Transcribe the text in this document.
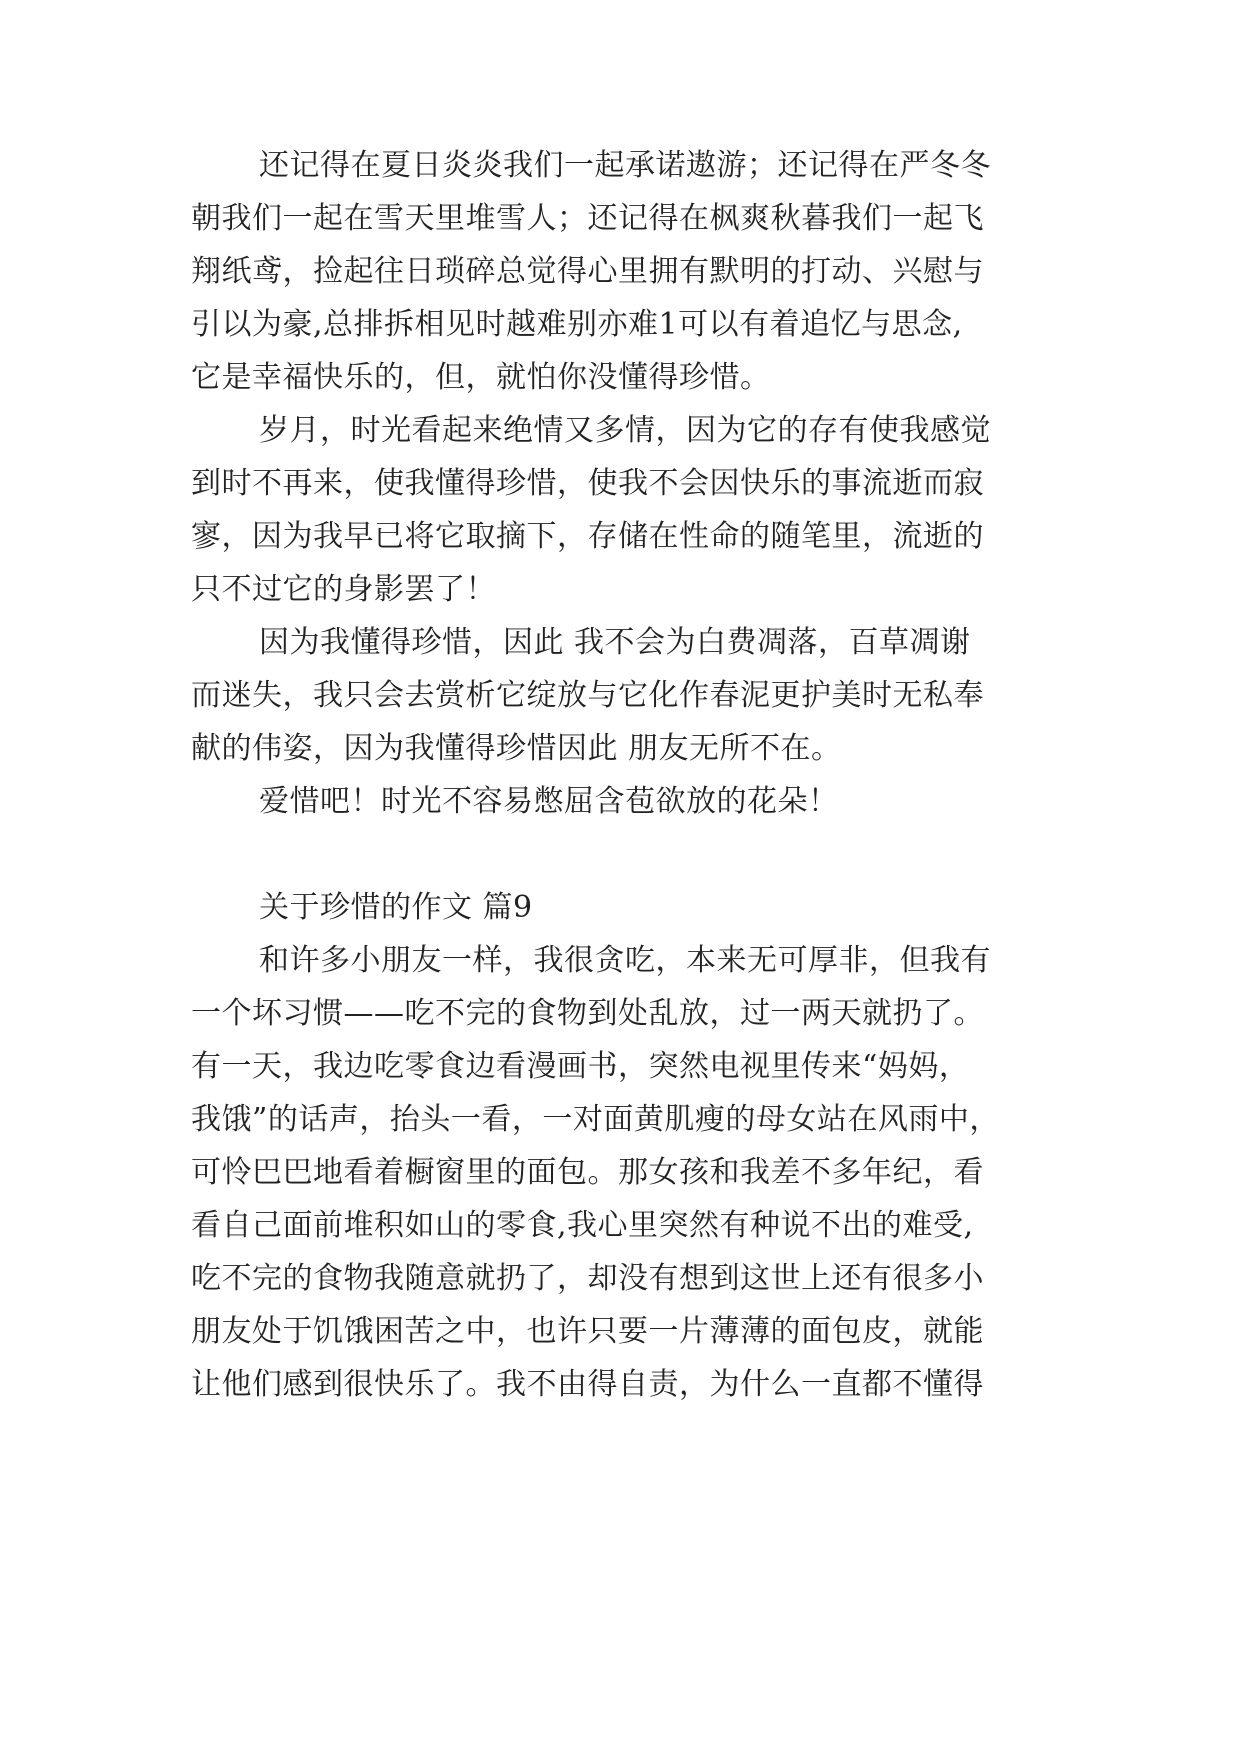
还记得在夏日炎炎我们一起承诺遨游；还记得在严冬冬

朝我们一起在雪天里堆雪人；还记得在枫爽秋暮我们一起飞

翔纸鸢，捡起往日琐碎总觉得心里拥有默明的打动、兴慰与

引以为豪,总排拆相见时越难别亦难1可以有着追忆与思念,

它是幸福快乐的，但，就怕你没懂得珍惜。

岁月，时光看起来绝情又多情，因为它的存有使我感觉

到时不再来，使我懂得珍惜，使我不会因快乐的事流逝而寂

寥，因为我早已将它取摘下，存储在性命的随笔里，流逝的

只不过它的身影罢了！

因为我懂得珍惜，因此 我不会为白费凋落，百草凋谢

而迷失，我只会去赏析它绽放与它化作春泥更护美时无私奉

献的伟姿，因为我懂得珍惜因此 朋友无所不在。

爱惜吧！时光不容易憋屈含苞欲放的花朵！

关于珍惜的作文 篇9

和许多小朋友一样，我很贪吃，本来无可厚非，但我有

一个坏习惯——吃不完的食物到处乱放，过一两天就扔了。

有一天，我边吃零食边看漫画书，突然电视里传来“妈妈，

我饿”的话声，抬头一看，一对面黄肌瘦的母女站在风雨中，

可怜巴巴地看着橱窗里的面包。那女孩和我差不多年纪，看

看自己面前堆积如山的零食,我心里突然有种说不出的难受,

吃不完的食物我随意就扔了，却没有想到这世上还有很多小

朋友处于饥饿困苦之中，也许只要一片薄薄的面包皮，就能

让他们感到很快乐了。我不由得自责，为什么一直都不懂得
